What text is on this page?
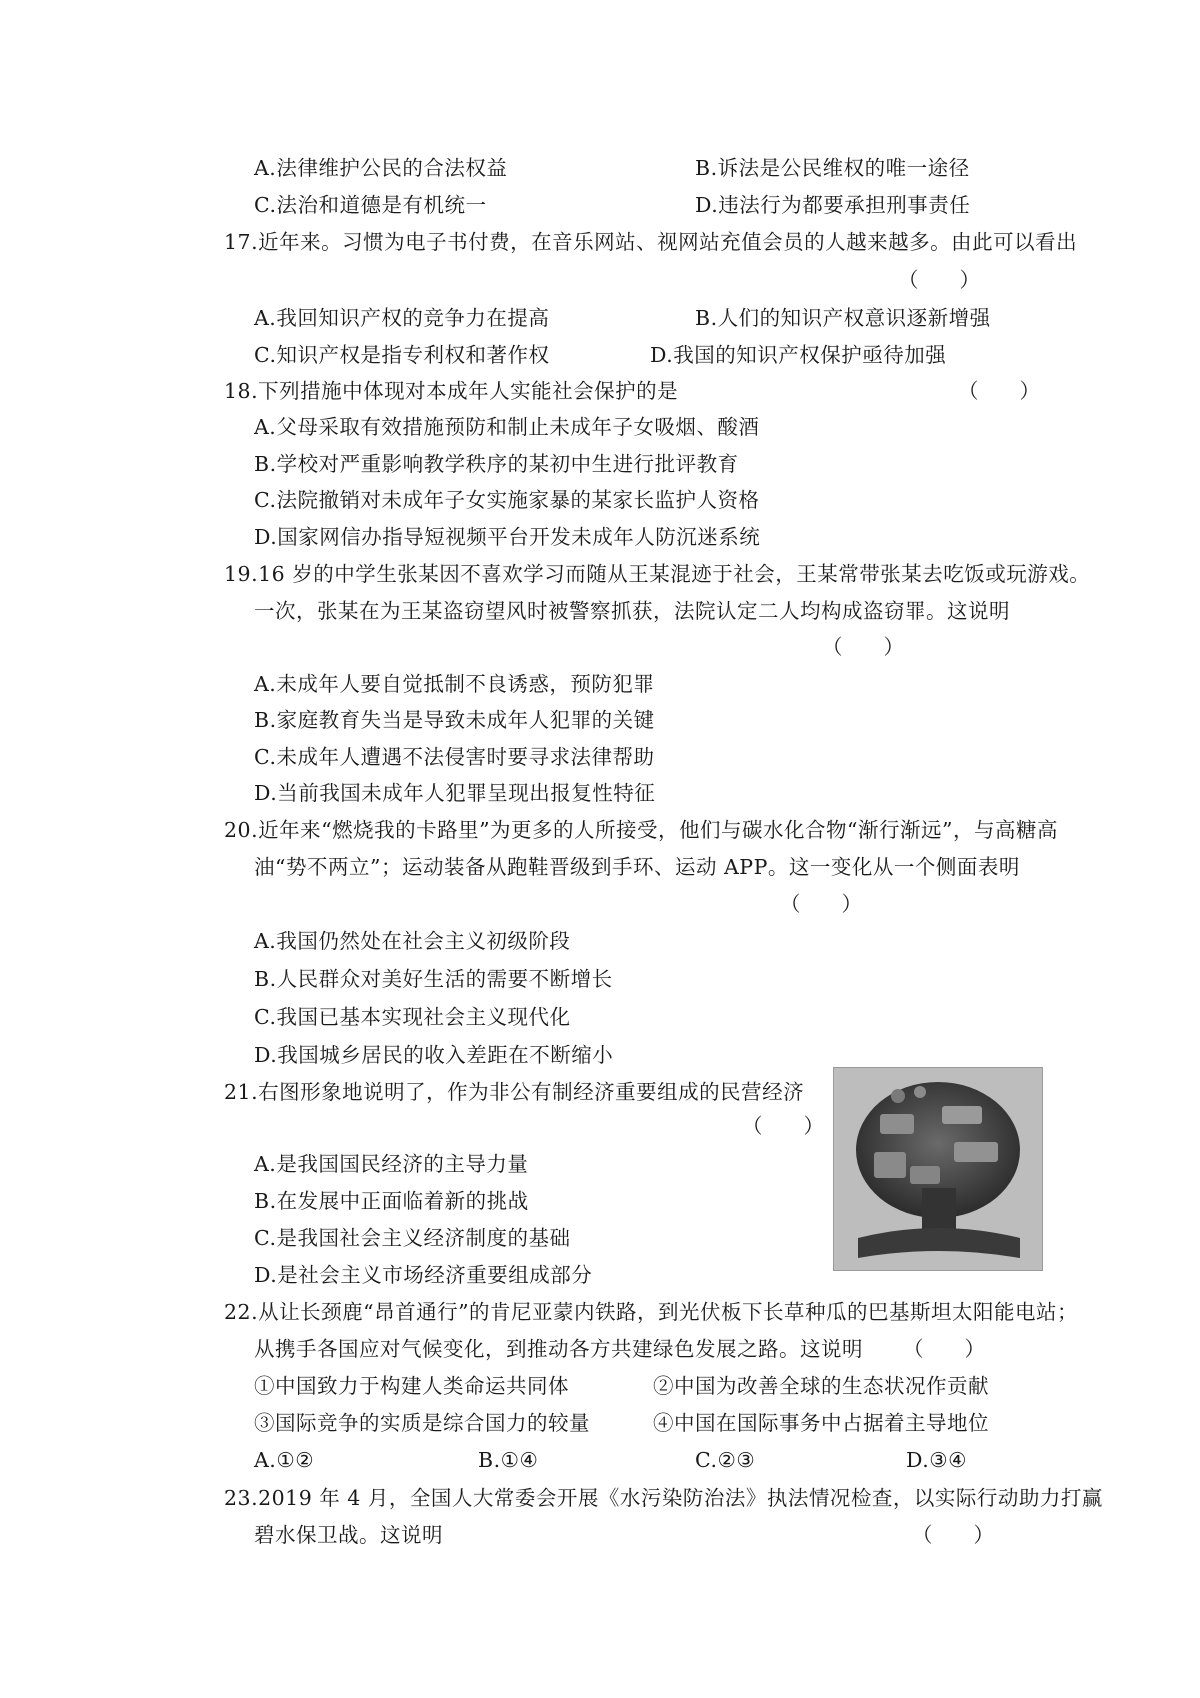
A.法律维护公民的合法权益	B.诉法是公民维权的唯一途径
C.法治和道德是有机统一	D.违法行为都要承担刑事责任
17.近年来。习惯为电子书付费，在音乐网站、视网站充值会员的人越来越多。由此可以看出
（　　）
A.我回知识产权的竞争力在提高	B.人们的知识产权意识逐新增强
C.知识产权是指专利权和著作权	D.我国的知识产权保护亟待加强
18.下列措施中体现对本成年人实能社会保护的是	（　　）
A.父母采取有效措施预防和制止未成年子女吸烟、酸酒
B.学校对严重影响教学秩序的某初中生进行批评教育
C.法院撤销对未成年子女实施家暴的某家长监护人资格
D.国家网信办指导短视频平台开发未成年人防沉迷系统
19.16 岁的中学生张某因不喜欢学习而随从王某混迹于社会，王某常带张某去吃饭或玩游戏。
一次，张某在为王某盗窃望风时被警察抓获，法院认定二人均构成盗窃罪。这说明
（　　）
A.未成年人要自觉抵制不良诱惑，预防犯罪
B.家庭教育失当是导致未成年人犯罪的关键
C.未成年人遭遇不法侵害时要寻求法律帮助
D.当前我国未成年人犯罪呈现出报复性特征
20.近年来“燃烧我的卡路里”为更多的人所接受，他们与碳水化合物“渐行渐远”，与高糖高
油“势不两立”；运动装备从跑鞋晋级到手环、运动 APP。这一变化从一个侧面表明
（　　）
A.我国仍然处在社会主义初级阶段
B.人民群众对美好生活的需要不断增长
C.我国已基本实现社会主义现代化
D.我国城乡居民的收入差距在不断缩小
21.右图形象地说明了，作为非公有制经济重要组成的民营经济
（　　）
A.是我国国民经济的主导力量
B.在发展中正面临着新的挑战
C.是我国社会主义经济制度的基础
D.是社会主义市场经济重要组成部分
22.从让长颈鹿“昂首通行”的肯尼亚蒙内铁路，到光伏板下长草种瓜的巴基斯坦太阳能电站；
从携手各国应对气候变化，到推动各方共建绿色发展之路。这说明 （　　）
①中国致力于构建人类命运共同体	②中国为改善全球的生态状况作贡献
③国际竞争的实质是综合国力的较量	④中国在国际事务中占据着主导地位
A.①②	B.①④	C.②③	D.③④
23.2019 年 4 月，全国人大常委会开展《水污染防治法》执法情况检查，以实际行动助力打赢
碧水保卫战。这说明	（　　）
